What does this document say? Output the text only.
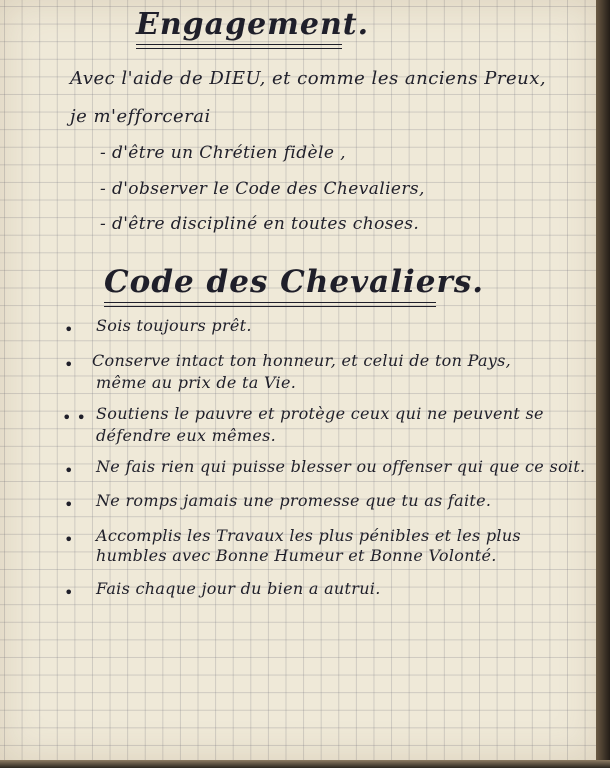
Engagement.

Avec l'aide de DIEU, et comme les anciens Preux,

je m'efforcerai

- d'être un Chrétien fidèle ,

- d'observer le Code des Chevaliers,

- d'être discipliné en toutes choses.

Code des Chevaliers.
• Sois toujours prêt.

• Conserve intact ton honneur, et celui de ton Pays,

même au prix de ta Vie.

• • Soutiens le pauvre et protège ceux qui ne peuvent se

défendre eux mêmes.

• Ne fais rien qui puisse blesser ou offenser qui que ce soit.

• Ne romps jamais une promesse que tu as faite.

• Accomplis les Travaux les plus pénibles et les plus

humbles avec Bonne Humeur et Bonne Volonté.

• Fais chaque jour du bien a autrui.
